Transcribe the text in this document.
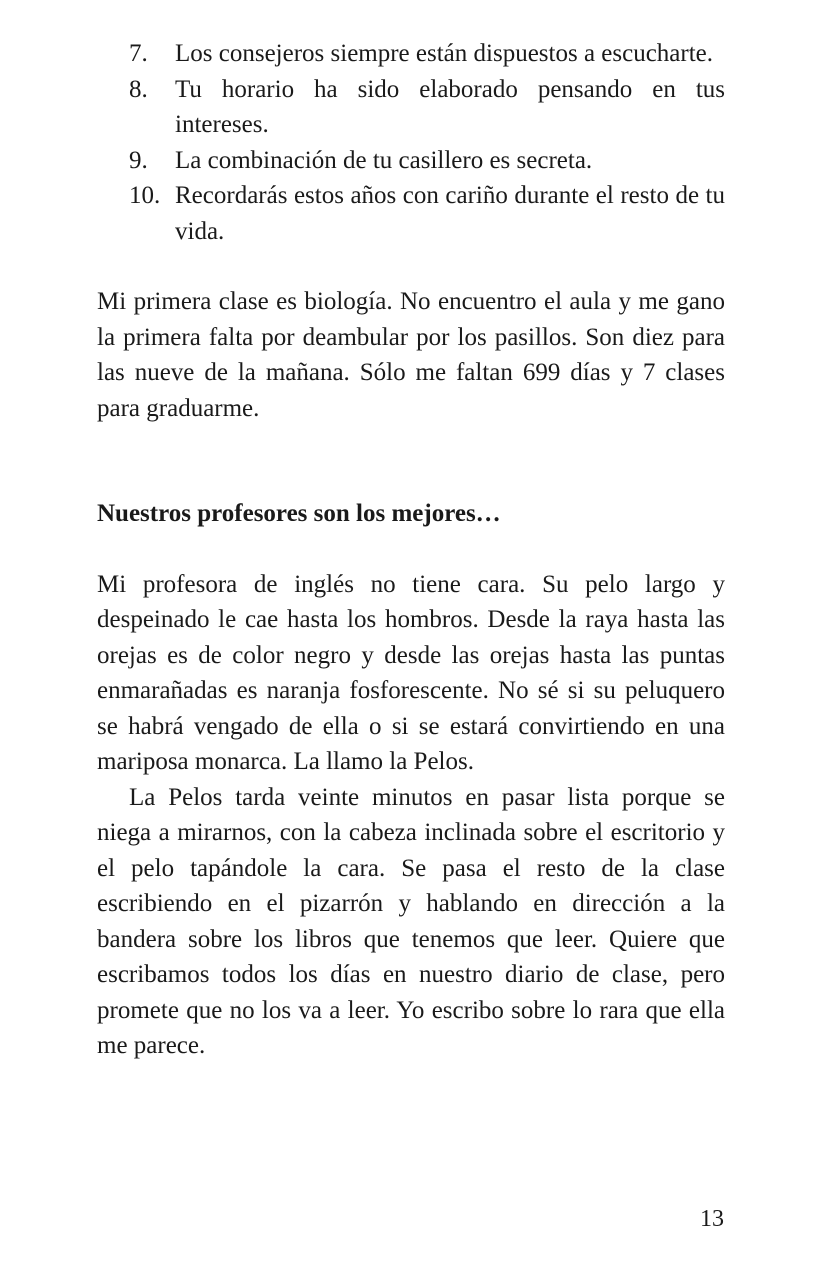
7.	Los consejeros siempre están dispuestos a escucharte.
8.	Tu horario ha sido elaborado pensando en tus intereses.
9.	La combinación de tu casillero es secreta.
10. Recordarás estos años con cariño durante el resto de tu vida.

Mi primera clase es biología. No encuentro el aula y me gano la primera falta por deambular por los pasillos. Son diez para las nueve de la mañana. Sólo me faltan 699 días y 7 clases para graduarme.

Nuestros profesores son los mejores…

Mi profesora de inglés no tiene cara. Su pelo largo y despeinado le cae hasta los hombros. Desde la raya hasta las orejas es de color negro y desde las orejas hasta las puntas enmarañadas es naranja fosforescente. No sé si su peluquero se habrá vengado de ella o si se estará convirtiendo en una mariposa monarca. La llamo la Pelos.

La Pelos tarda veinte minutos en pasar lista porque se niega a mirarnos, con la cabeza inclinada sobre el escritorio y el pelo tapándole la cara. Se pasa el resto de la clase escribiendo en el pizarrón y hablando en dirección a la bandera sobre los libros que tenemos que leer. Quiere que escribamos todos los días en nuestro diario de clase, pero promete que no los va a leer. Yo escribo sobre lo rara que ella me parece.

13
